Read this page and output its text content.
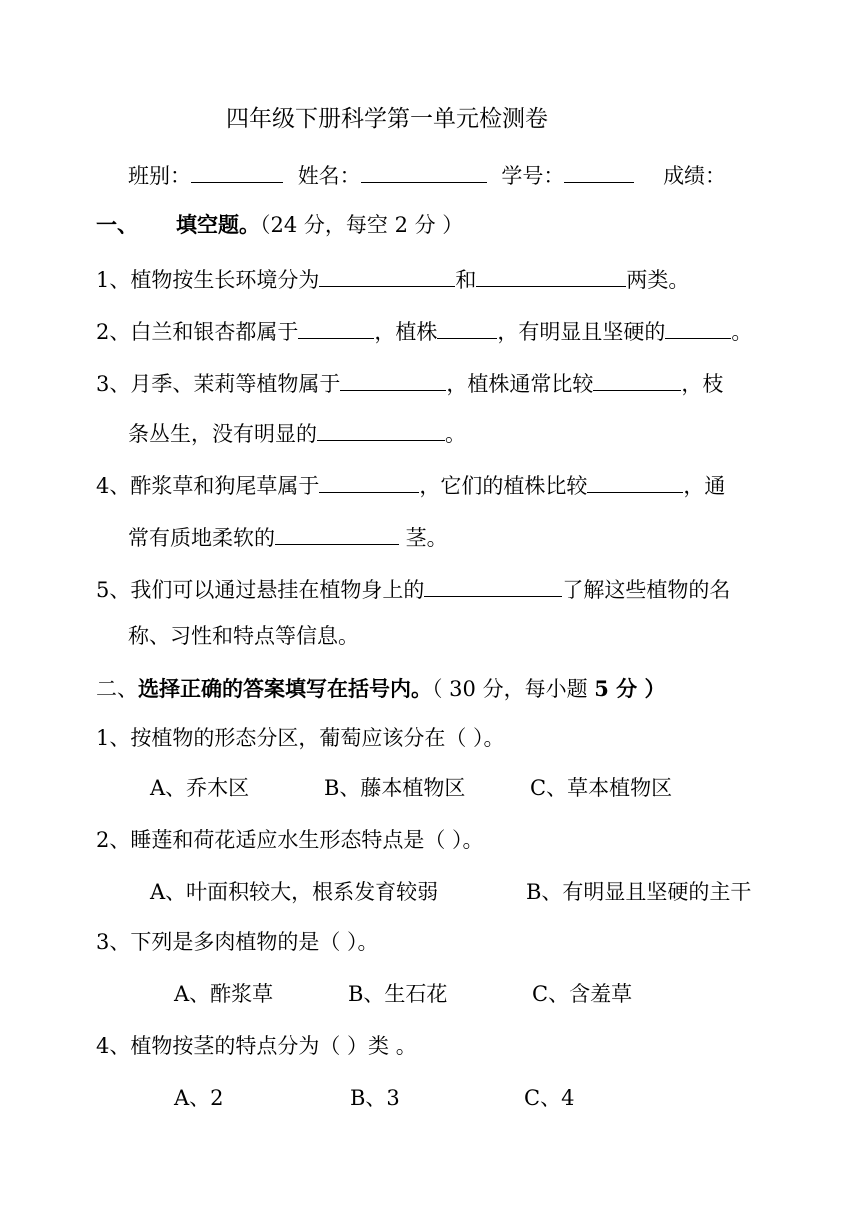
四年级下册科学第一单元检测卷
班别：	姓名：	学号：	成绩：
一、 填空题。（24 分，每空 2 分 ）
1、植物按生长环境分为	和	两类。
2、白兰和银杏都属于	，植株	，有明显且坚硬的	。
3、月季、茉莉等植物属于	，植株通常比较	，枝
条丛生，没有明显的	。
4、酢浆草和狗尾草属于	，它们的植株比较	，通
常有质地柔软的	茎。
5、我们可以通过悬挂在植物身上的	了解这些植物的名
称、习性和特点等信息。
二、选择正确的答案填写在括号内。（ 30 分，每小题 5 分 ）
1、按植物的形态分区，葡萄应该分在（ ）。
A、乔木区	B、藤本植物区	C、草本植物区
2、睡莲和荷花适应水生形态特点是（ ）。
A、叶面积较大，根系发育较弱	B、有明显且坚硬的主干
3、下列是多肉植物的是（ ）。
A、酢浆草	B、生石花	C、含羞草
4、植物按茎的特点分为（ ）类 。
A、2	B、3	C、4
